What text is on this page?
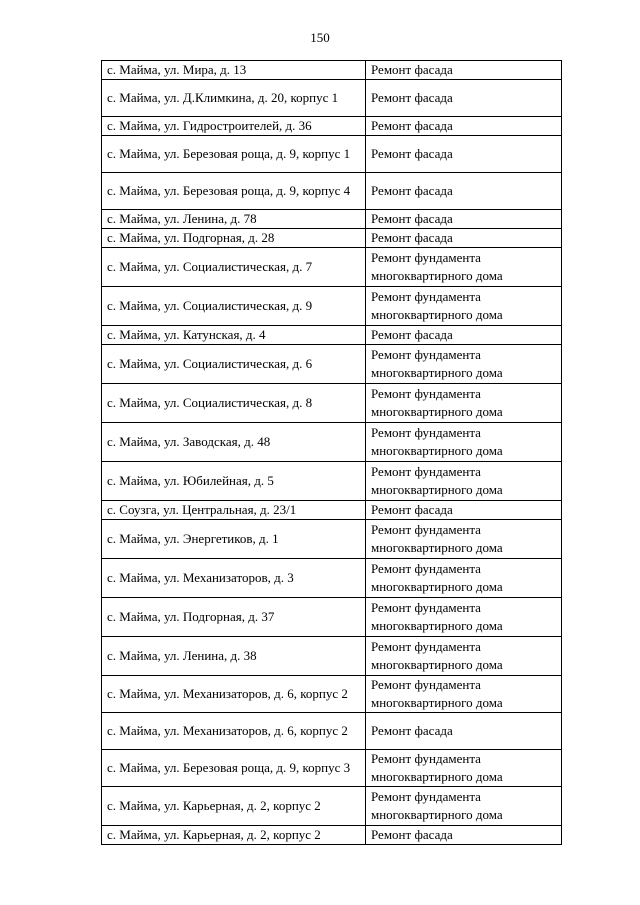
150
с. Майма, ул. Мира, д. 13	Ремонт фасада
с. Майма, ул. Д.Климкина, д. 20, корпус 1	Ремонт фасада
с. Майма, ул. Гидростроителей, д. 36	Ремонт фасада
с. Майма, ул. Березовая роща, д. 9, корпус 1	Ремонт фасада
с. Майма, ул. Березовая роща, д. 9, корпус 4	Ремонт фасада
с. Майма, ул. Ленина, д. 78	Ремонт фасада
с. Майма, ул. Подгорная, д. 28	Ремонт фасада
с. Майма, ул. Социалистическая, д. 7	Ремонт фундамента многоквартирного дома
с. Майма, ул. Социалистическая, д. 9	Ремонт фундамента многоквартирного дома
с. Майма, ул. Катунская, д. 4	Ремонт фасада
с. Майма, ул. Социалистическая, д. 6	Ремонт фундамента многоквартирного дома
с. Майма, ул. Социалистическая, д. 8	Ремонт фундамента многоквартирного дома
с. Майма, ул. Заводская, д. 48	Ремонт фундамента многоквартирного дома
с. Майма, ул. Юбилейная, д. 5	Ремонт фундамента многоквартирного дома
с. Соузга, ул. Центральная, д. 23/1	Ремонт фасада
с. Майма, ул. Энергетиков, д. 1	Ремонт фундамента многоквартирного дома
с. Майма, ул. Механизаторов, д. 3	Ремонт фундамента многоквартирного дома
с. Майма, ул. Подгорная, д. 37	Ремонт фундамента многоквартирного дома
с. Майма, ул. Ленина, д. 38	Ремонт фундамента многоквартирного дома
с. Майма, ул. Механизаторов, д. 6, корпус 2	Ремонт фундамента многоквартирного дома
с. Майма, ул. Механизаторов, д. 6, корпус 2	Ремонт фасада
с. Майма, ул. Березовая роща, д. 9, корпус 3	Ремонт фундамента многоквартирного дома
с. Майма, ул. Карьерная, д. 2, корпус 2	Ремонт фундамента многоквартирного дома
с. Майма, ул. Карьерная, д. 2, корпус 2	Ремонт фасада
